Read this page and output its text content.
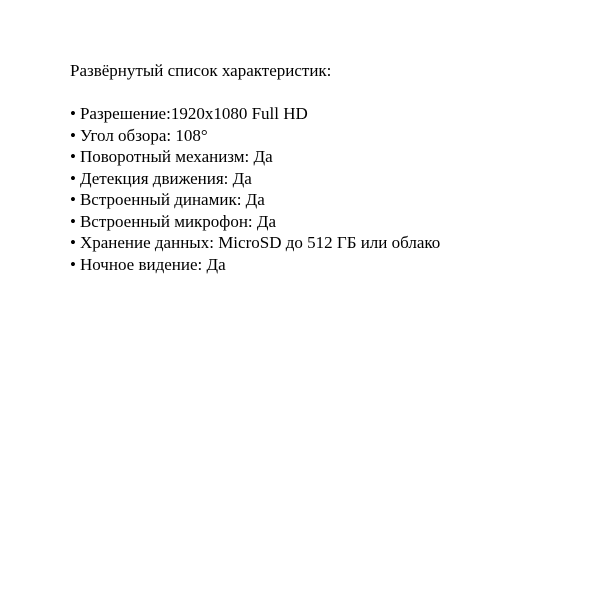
Развёрнутый список характеристик:
• Разрешение:1920x1080 Full HD
• Угол обзора: 108°
• Поворотный механизм: Да
• Детекция движения: Да
• Встроенный динамик: Да
• Встроенный микрофон: Да
• Хранение данных: MicroSD до 512 ГБ или облако
• Ночное видение: Да
